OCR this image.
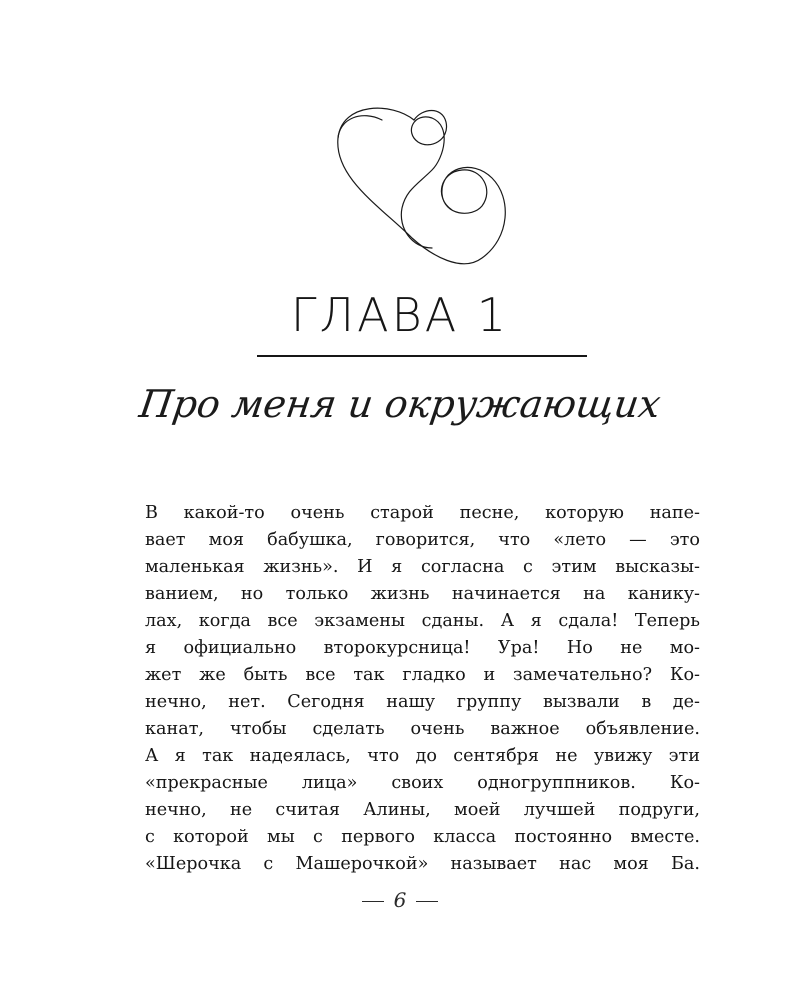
ГЛАВА 1
Про меня и окружающих
В какой-то очень старой песне, которую напе-
вает моя бабушка, говорится, что «лето — это
маленькая жизнь». И я согласна с этим высказы-
ванием, но только жизнь начинается на канику-
лах, когда все экзамены сданы. А я сдала! Теперь
я официально второкурсница! Ура! Но не мо-
жет же быть все так гладко и замечательно? Ко-
нечно, нет. Сегодня нашу группу вызвали в де-
канат, чтобы сделать очень важное объявление.
А я так надеялась, что до сентября не увижу эти
«прекрасные лица» своих одногруппников. Ко-
нечно, не считая Алины, моей лучшей подруги,
с которой мы с первого класса постоянно вместе.
«Шерочка с Машерочкой» называет нас моя Ба.
6
